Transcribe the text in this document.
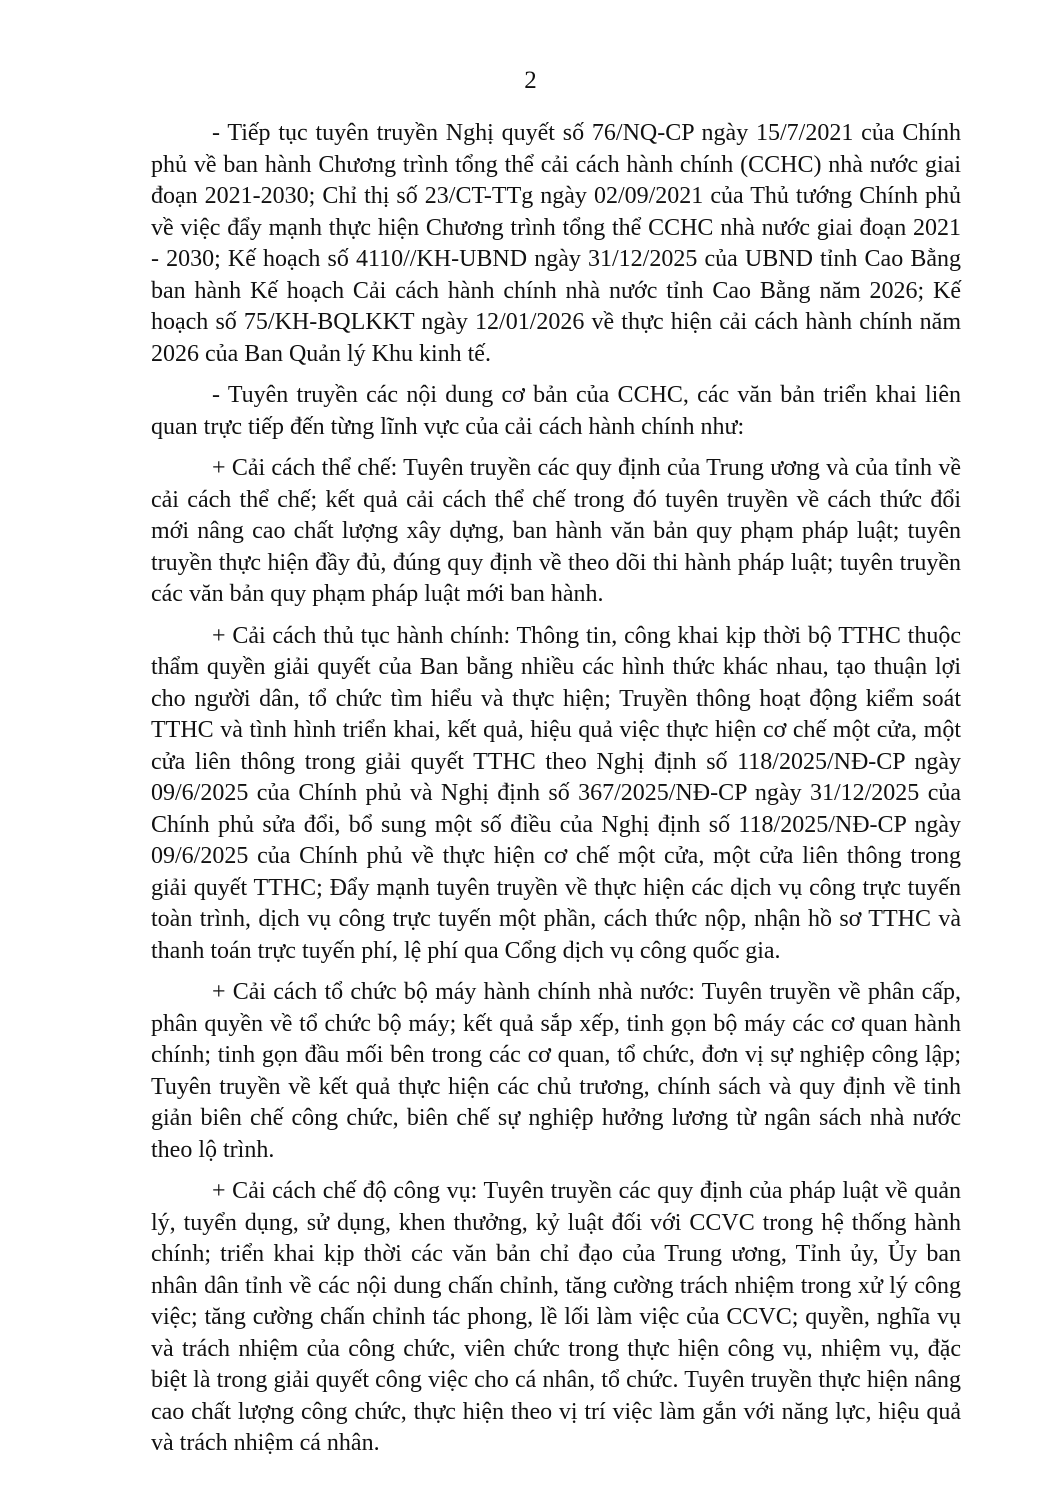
2

- Tiếp tục tuyên truyền Nghị quyết số 76/NQ-CP ngày 15/7/2021 của Chính phủ về ban hành Chương trình tổng thể cải cách hành chính (CCHC) nhà nước giai đoạn 2021-2030; Chỉ thị số 23/CT-TTg ngày 02/09/2021 của Thủ tướng Chính phủ về việc đẩy mạnh thực hiện Chương trình tổng thể CCHC nhà nước giai đoạn 2021 - 2030; Kế hoạch số 4110//KH-UBND ngày 31/12/2025 của UBND tỉnh Cao Bằng ban hành Kế hoạch Cải cách hành chính nhà nước tỉnh Cao Bằng năm 2026; Kế hoạch số 75/KH-BQLKKT ngày 12/01/2026 về thực hiện cải cách hành chính năm 2026 của Ban Quản lý Khu kinh tế.

- Tuyên truyền các nội dung cơ bản của CCHC, các văn bản triển khai liên quan trực tiếp đến từng lĩnh vực của cải cách hành chính như:

+ Cải cách thể chế: Tuyên truyền các quy định của Trung ương và của tỉnh về cải cách thể chế; kết quả cải cách thể chế trong đó tuyên truyền về cách thức đổi mới nâng cao chất lượng xây dựng, ban hành văn bản quy phạm pháp luật; tuyên truyền thực hiện đầy đủ, đúng quy định về theo dõi thi hành pháp luật; tuyên truyền các văn bản quy phạm pháp luật mới ban hành.

+ Cải cách thủ tục hành chính: Thông tin, công khai kịp thời bộ TTHC thuộc thẩm quyền giải quyết của Ban bằng nhiều các hình thức khác nhau, tạo thuận lợi cho người dân, tổ chức tìm hiểu và thực hiện; Truyền thông hoạt động kiểm soát TTHC và tình hình triển khai, kết quả, hiệu quả việc thực hiện cơ chế một cửa, một cửa liên thông trong giải quyết TTHC theo Nghị định số 118/2025/NĐ-CP ngày 09/6/2025 của Chính phủ và Nghị định số 367/2025/NĐ-CP ngày 31/12/2025 của Chính phủ sửa đổi, bổ sung một số điều của Nghị định số 118/2025/NĐ-CP ngày 09/6/2025 của Chính phủ về thực hiện cơ chế một cửa, một cửa liên thông trong giải quyết TTHC; Đẩy mạnh tuyên truyền về thực hiện các dịch vụ công trực tuyến toàn trình, dịch vụ công trực tuyến một phần, cách thức nộp, nhận hồ sơ TTHC và thanh toán trực tuyến phí, lệ phí qua Cổng dịch vụ công quốc gia.

+ Cải cách tổ chức bộ máy hành chính nhà nước: Tuyên truyền về phân cấp, phân quyền về tổ chức bộ máy; kết quả sắp xếp, tinh gọn bộ máy các cơ quan hành chính; tinh gọn đầu mối bên trong các cơ quan, tổ chức, đơn vị sự nghiệp công lập; Tuyên truyền về kết quả thực hiện các chủ trương, chính sách và quy định về tinh giản biên chế công chức, biên chế sự nghiệp hưởng lương từ ngân sách nhà nước theo lộ trình.

+ Cải cách chế độ công vụ: Tuyên truyền các quy định của pháp luật về quản lý, tuyển dụng, sử dụng, khen thưởng, kỷ luật đối với CCVC trong hệ thống hành chính; triển khai kịp thời các văn bản chỉ đạo của Trung ương, Tỉnh ủy, Ủy ban nhân dân tỉnh về các nội dung chấn chỉnh, tăng cường trách nhiệm trong xử lý công việc; tăng cường chấn chỉnh tác phong, lề lối làm việc của CCVC; quyền, nghĩa vụ và trách nhiệm của công chức, viên chức trong thực hiện công vụ, nhiệm vụ, đặc biệt là trong giải quyết công việc cho cá nhân, tổ chức. Tuyên truyền thực hiện nâng cao chất lượng công chức, thực hiện theo vị trí việc làm gắn với năng lực, hiệu quả và trách nhiệm cá nhân.
